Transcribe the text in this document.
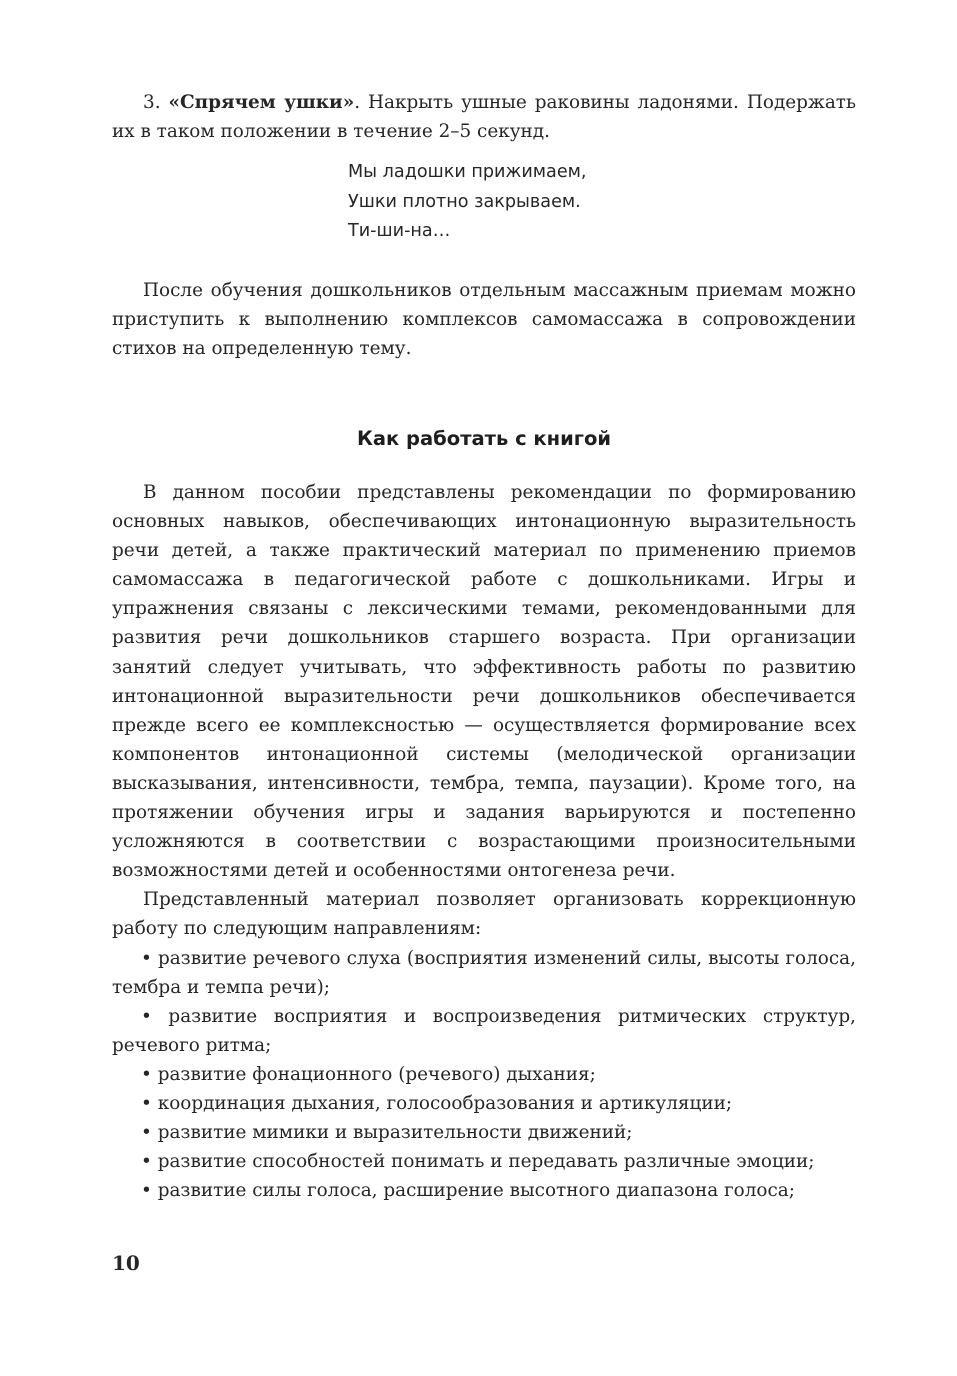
3. «Спрячем ушки». Накрыть ушные раковины ладонями. Подержать их в таком положении в течение 2–5 секунд.

Мы ладошки прижимаем,
Ушки плотно закрываем.
Ти-ши-на…

После обучения дошкольников отдельным массажным приемам можно приступить к выполнению комплексов самомассажа в сопровождении стихов на определенную тему.

Как работать с книгой

В данном пособии представлены рекомендации по формированию основных навыков, обеспечивающих интонационную выразительность речи детей, а также практический материал по применению приемов самомассажа в педагогической работе с дошкольниками. Игры и упражнения связаны с лексическими темами, рекомендованными для развития речи дошкольников старшего возраста. При организации занятий следует учитывать, что эффективность работы по развитию интонационной выразительности речи дошкольников обеспечивается прежде всего ее комплексностью — осуществляется формирование всех компонентов интонационной системы (мелодической организации высказывания, интенсивности, тембра, темпа, паузации). Кроме того, на протяжении обучения игры и задания варьируются и постепенно усложняются в соответствии с возрастающими произносительными возможностями детей и особенностями онтогенеза речи.

Представленный материал позволяет организовать коррекционную работу по следующим направлениям:

• развитие речевого слуха (восприятия изменений силы, высоты голоса, тембра и темпа речи);

• развитие восприятия и воспроизведения ритмических структур, речевого ритма;

• развитие фонационного (речевого) дыхания;

• координация дыхания, голосообразования и артикуляции;

• развитие мимики и выразительности движений;

• развитие способностей понимать и передавать различные эмоции;

• развитие силы голоса, расширение высотного диапазона голоса;

10
